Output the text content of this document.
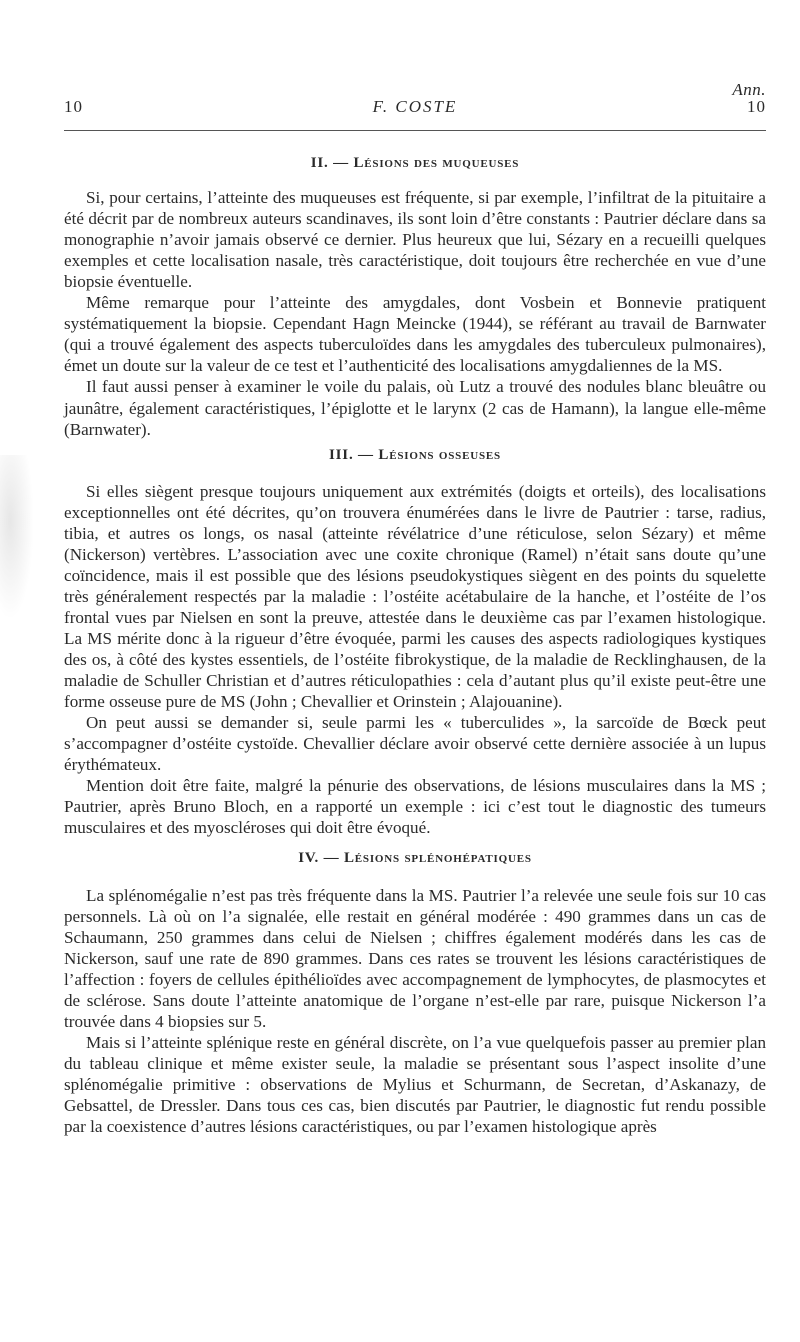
Ann.
10	F. COSTE	10
II. — Lésions des muqueuses

Si, pour certains, l’atteinte des muqueuses est fréquente, si par exemple, l’infiltrat de la pituitaire a été décrit par de nombreux auteurs scandinaves, ils sont loin d’être constants : Pautrier déclare dans sa monographie n’avoir jamais observé ce dernier. Plus heureux que lui, Sézary en a recueilli quelques exemples et cette localisation nasale, très caractéristique, doit toujours être recherchée en vue d’une biopsie éventuelle.

Même remarque pour l’atteinte des amygdales, dont Vosbein et Bonnevie pratiquent systématiquement la biopsie. Cependant Hagn Meincke (1944), se référant au travail de Barnwater (qui a trouvé également des aspects tuberculoïdes dans les amygdales des tuberculeux pulmonaires), émet un doute sur la valeur de ce test et l’authenticité des localisations amygdaliennes de la MS.

Il faut aussi penser à examiner le voile du palais, où Lutz a trouvé des nodules blanc bleuâtre ou jaunâtre, également caractéristiques, l’épiglotte et le larynx (2 cas de Hamann), la langue elle-même (Barnwater).

III. — Lésions osseuses

Si elles siègent presque toujours uniquement aux extrémités (doigts et orteils), des localisations exceptionnelles ont été décrites, qu’on trouvera énumérées dans le livre de Pautrier : tarse, radius, tibia, et autres os longs, os nasal (atteinte révélatrice d’une réticulose, selon Sézary) et même (Nickerson) vertèbres. L’association avec une coxite chronique (Ramel) n’était sans doute qu’une coïncidence, mais il est possible que des lésions pseudokystiques siègent en des points du squelette très généralement respectés par la maladie : l’ostéite acétabulaire de la hanche, et l’ostéite de l’os frontal vues par Nielsen en sont la preuve, attestée dans le deuxième cas par l’examen histologique. La MS mérite donc à la rigueur d’être évoquée, parmi les causes des aspects radiologiques kystiques des os, à côté des kystes essentiels, de l’ostéite fibrokystique, de la maladie de Recklinghausen, de la maladie de Schuller Christian et d’autres réticulopathies : cela d’autant plus qu’il existe peut-être une forme osseuse pure de MS (John ; Chevallier et Orinstein ; Alajouanine).

On peut aussi se demander si, seule parmi les « tuberculides », la sarcoïde de Bœck peut s’accompagner d’ostéite cystoïde. Chevallier déclare avoir observé cette dernière associée à un lupus érythémateux.

Mention doit être faite, malgré la pénurie des observations, de lésions musculaires dans la MS ; Pautrier, après Bruno Bloch, en a rapporté un exemple : ici c’est tout le diagnostic des tumeurs musculaires et des myoscléroses qui doit être évoqué.

IV. — Lésions splénohépatiques

La splénomégalie n’est pas très fréquente dans la MS. Pautrier l’a relevée une seule fois sur 10 cas personnels. Là où on l’a signalée, elle restait en général modérée : 490 grammes dans un cas de Schaumann, 250 grammes dans celui de Nielsen ; chiffres également modérés dans les cas de Nickerson, sauf une rate de 890 grammes. Dans ces rates se trouvent les lésions caractéristiques de l’affection : foyers de cellules épithélioïdes avec accompagnement de lymphocytes, de plasmocytes et de sclérose. Sans doute l’atteinte anatomique de l’organe n’est-elle par rare, puisque Nickerson l’a trouvée dans 4 biopsies sur 5.

Mais si l’atteinte splénique reste en général discrète, on l’a vue quelquefois passer au premier plan du tableau clinique et même exister seule, la maladie se présentant sous l’aspect insolite d’une splénomégalie primitive : observations de Mylius et Schurmann, de Secretan, d’Askanazy, de Gebsattel, de Dressler. Dans tous ces cas, bien discutés par Pautrier, le diagnostic fut rendu possible par la coexistence d’autres lésions caractéristiques, ou par l’examen histologique après
